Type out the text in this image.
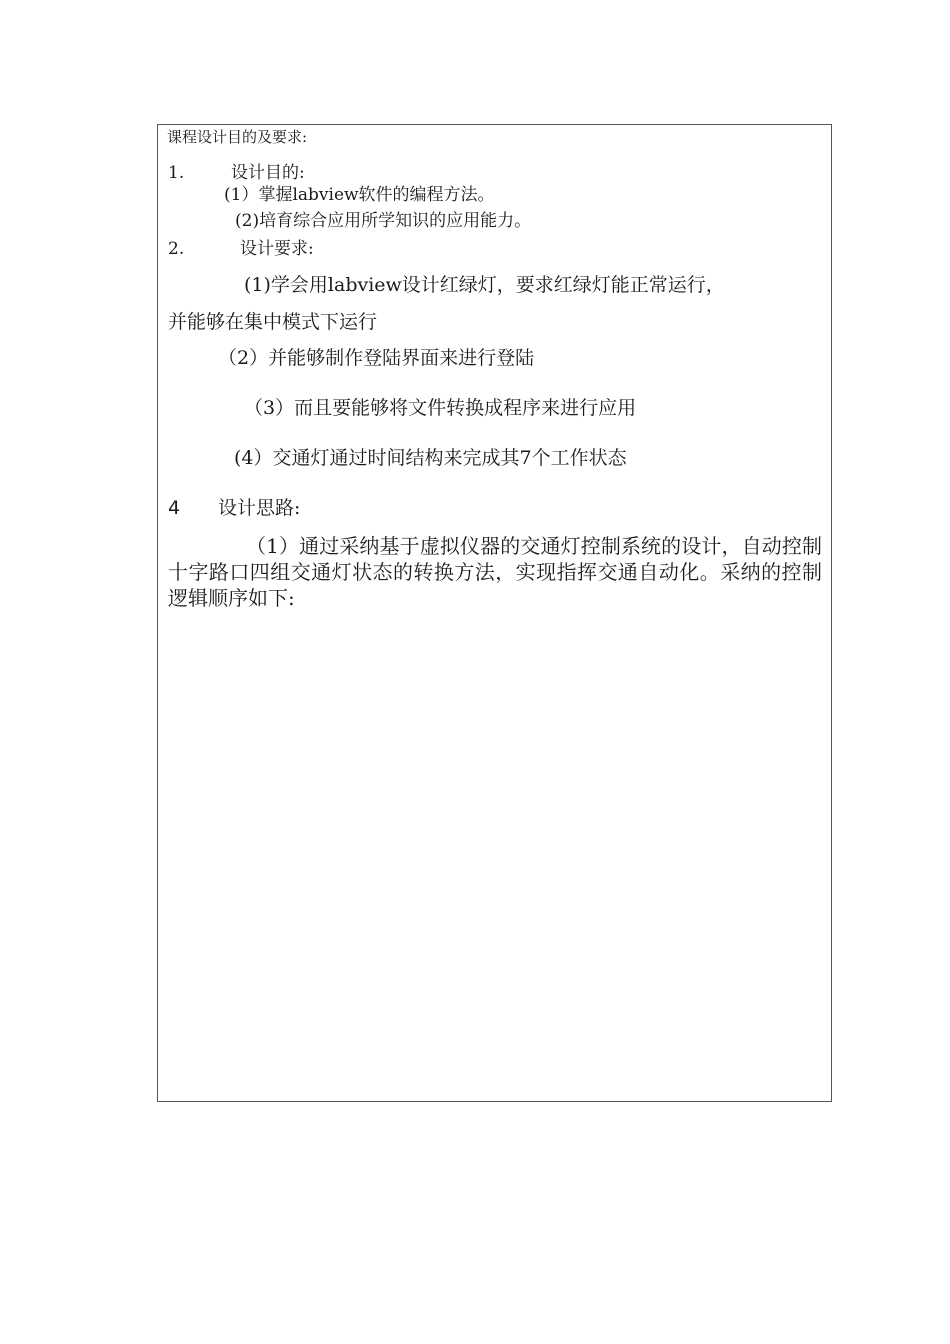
课程设计目的及要求:
1.	设计目的:
(1）掌握labview软件的编程方法。
(2)培育综合应用所学知识的应用能力。
2.	设计要求:
(1)学会用labview设计红绿灯，要求红绿灯能正常运行，
并能够在集中模式下运行
（2）并能够制作登陆界面来进行登陆
（3）而且要能够将文件转换成程序来进行应用
(4）交通灯通过时间结构来完成其7个工作状态
4 设计思路:
（1）通过采纳基于虚拟仪器的交通灯控制系统的设计，自动控制十字路口四组交通灯状态的转换方法，实现指挥交通自动化。采纳的控制逻辑顺序如下:
